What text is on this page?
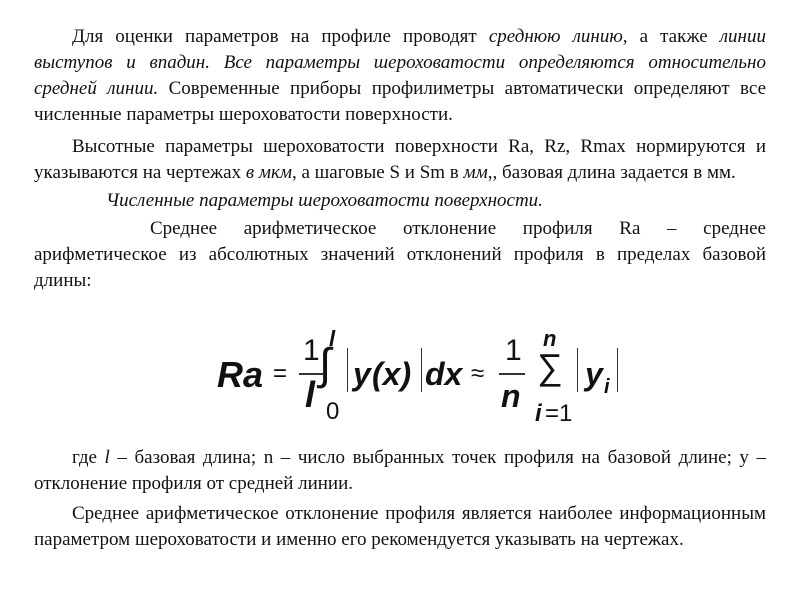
Для оценки параметров на профиле проводят среднюю линию, а также линии выступов и впадин. Все параметры шероховатости определяются относительно средней линии. Современные приборы профилиметры автоматически определяют все численные параметры шероховатости поверхности.

Высотные параметры шероховатости поверхности Ra, Rz, Rmax нормируются и указываются на чертежах в мкм, а шаговые S и Sm в мм,, базовая длина задается в мм.

Численные параметры шероховатости поверхности.

Среднее арифметическое отклонение профиля Ra – среднее арифметическое из абсолютных значений отклонений профиля в пределах базовой длины:

Ra =
1
l
l
∫
0
y (x) dx ≈
1
n
n
∑
i =1
y i

где l – базовая длина; n – число выбранных точек профиля на базовой длине; y – отклонение профиля от средней линии.

Среднее арифметическое отклонение профиля является наиболее информационным параметром шероховатости и именно его рекомендуется указывать на чертежах.
